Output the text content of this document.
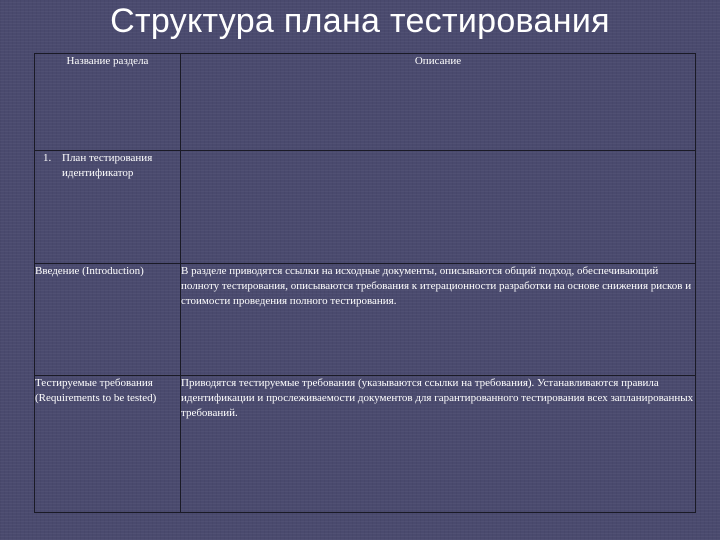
Структура плана тестирования
Название раздела	Описание

1. План тестирования
идентификатор	

Введение (Introduction)	В разделе приводятся ссылки на исходные документы, описываются общий подход, обеспечивающий полноту тестирования, описываются требования к итерационности разработки на основе снижения рисков и стоимости проведения полного тестирования.
Тестируемые требования (Requirements to be tested)	Приводятся тестируемые требования (указываются ссылки на требования). Устанавливаются правила идентификации и прослеживаемости документов для гарантированного тестирования всех запланированных требований.
